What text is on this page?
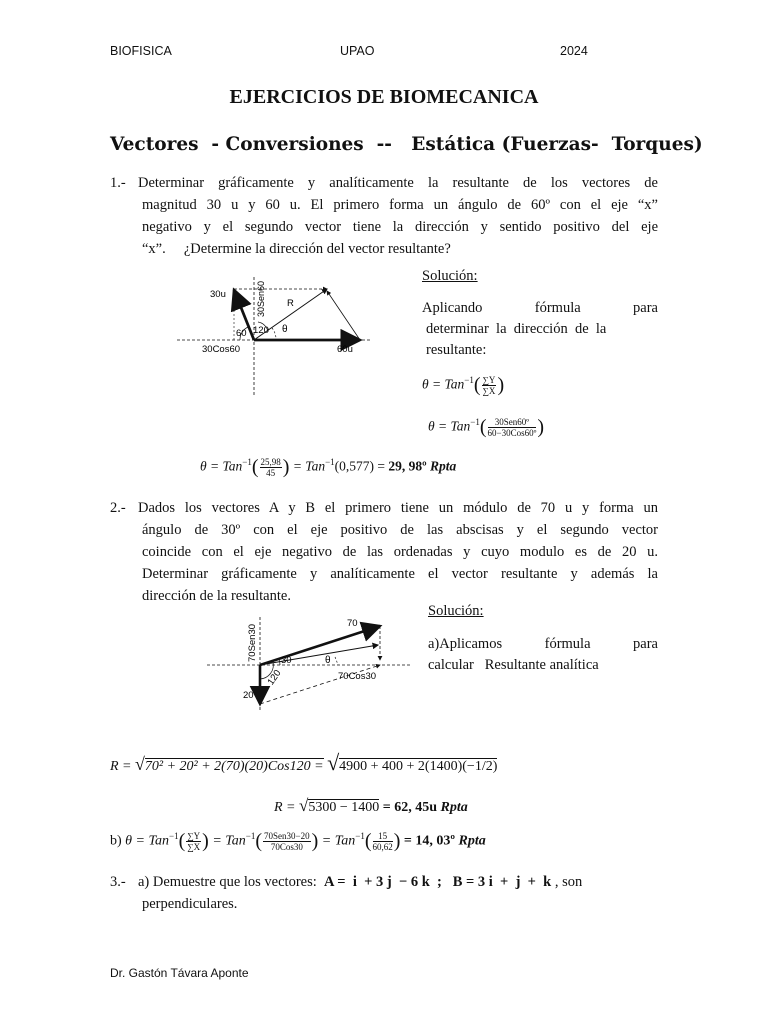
BIOFISICA	UPAO	2024
EJERCICIOS DE BIOMECANICA
Vectores  - Conversiones  --   Estática (Fuerzas-  Torques)
1.- Determinar gráficamente y analíticamente la resultante de los vectores de
magnitud 30 u y 60 u. El primero forma un ángulo de 60º con el eje “x”
negativo y el segundo vector tiene la dirección y sentido positivo del eje
“x”.     ¿Determine la dirección del vector resultante?
30u	30Sen60 R
60 120 θ
30Cos60	60u
Solución:
Aplicando	fórmula	para
determinar  la  dirección  de  la
resultante:
$\theta = Tan^{-1}( \frac{\sum Y}{\sum X}$ )
$\theta = Tan^{-1}( \frac{\text{30Sen60º}}{\text{60−30Cos60º}}$ )
$\theta = Tan^{-1}( \frac{25,98}{45}$ ) = Tan$^{-1}$(0,577) = 29, 98º Rpta
2.- Dados los vectores A y B el primero tiene un módulo de 70 u y forma un
ángulo de 30º con el eje positivo de las abscisas y el segundo vector
coincide con el eje negativo de las ordenadas y cuyo modulo es de 20 u.
Determinar gráficamente y analíticamente el vector resultante y además la
dirección de la resultante.
70Sen30
70
30	θ
120	70Cos30
20
Solución:
a)Aplicamos	fórmula	para
calcular   Resultante analítica
R = √70² + 20² + 2(70)(20)Cos120 = √4900 + 400 + 2(1400)(−1/2)
R = √5300 − 1400 = 62, 45u Rpta
b) $\theta = Tan^{-1}( \frac{\sum Y}{\sum X}$ ) = $Tan^{-1}( \frac{\text{70Sen30−20}}{\text{70Cos30}}$ ) = $Tan^{-1}( \frac{15}{60,62}$ ) = 14, 03º Rpta
3.- a) Demuestre que los vectores: A =  i  + 3 j  − 6 k  ;   B = 3 i  +  j  +  k , son
perpendiculares.
Dr. Gastón Távara Aponte
